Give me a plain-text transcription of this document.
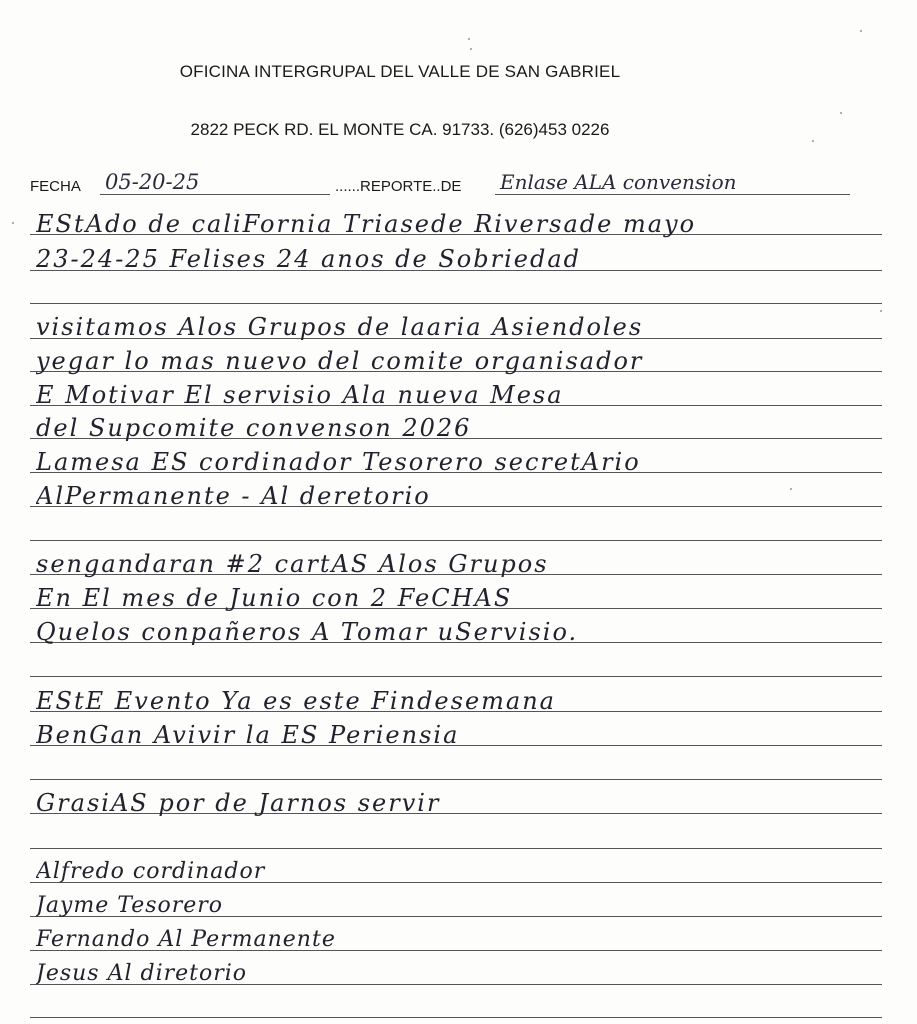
OFICINA INTERGRUPAL DEL VALLE DE SAN GABRIEL
2822 PECK RD. EL MONTE CA. 91733. (626)453 0226
FECHA 05-20-25	......REPORTE..DE Enlase ALA convension
EStAdo de caliFornia Triasede Riversade mayo
23-24-25 Felises 24 anos de Sobriedad
visitamos Alos Grupos de laaria Asiendoles
yegar lo mas nuevo del comite organisador
E Motivar El servisio Ala nueva Mesa
del Supcomite convenson 2026
Lamesa ES cordinador Tesorero secretArio
AlPermanente - Al deretorio
sengandaran #2 cartAS Alos Grupos
En El mes de Junio con 2 FeCHAS
Quelos conpañeros A Tomar uServisio.
EStE Evento Ya es este Findesemana
BenGan Avivir la ES Periensia
GrasiAS por de Jarnos servir
Alfredo cordinador
Jayme Tesorero
Fernando Al Permanente
Jesus Al diretorio
